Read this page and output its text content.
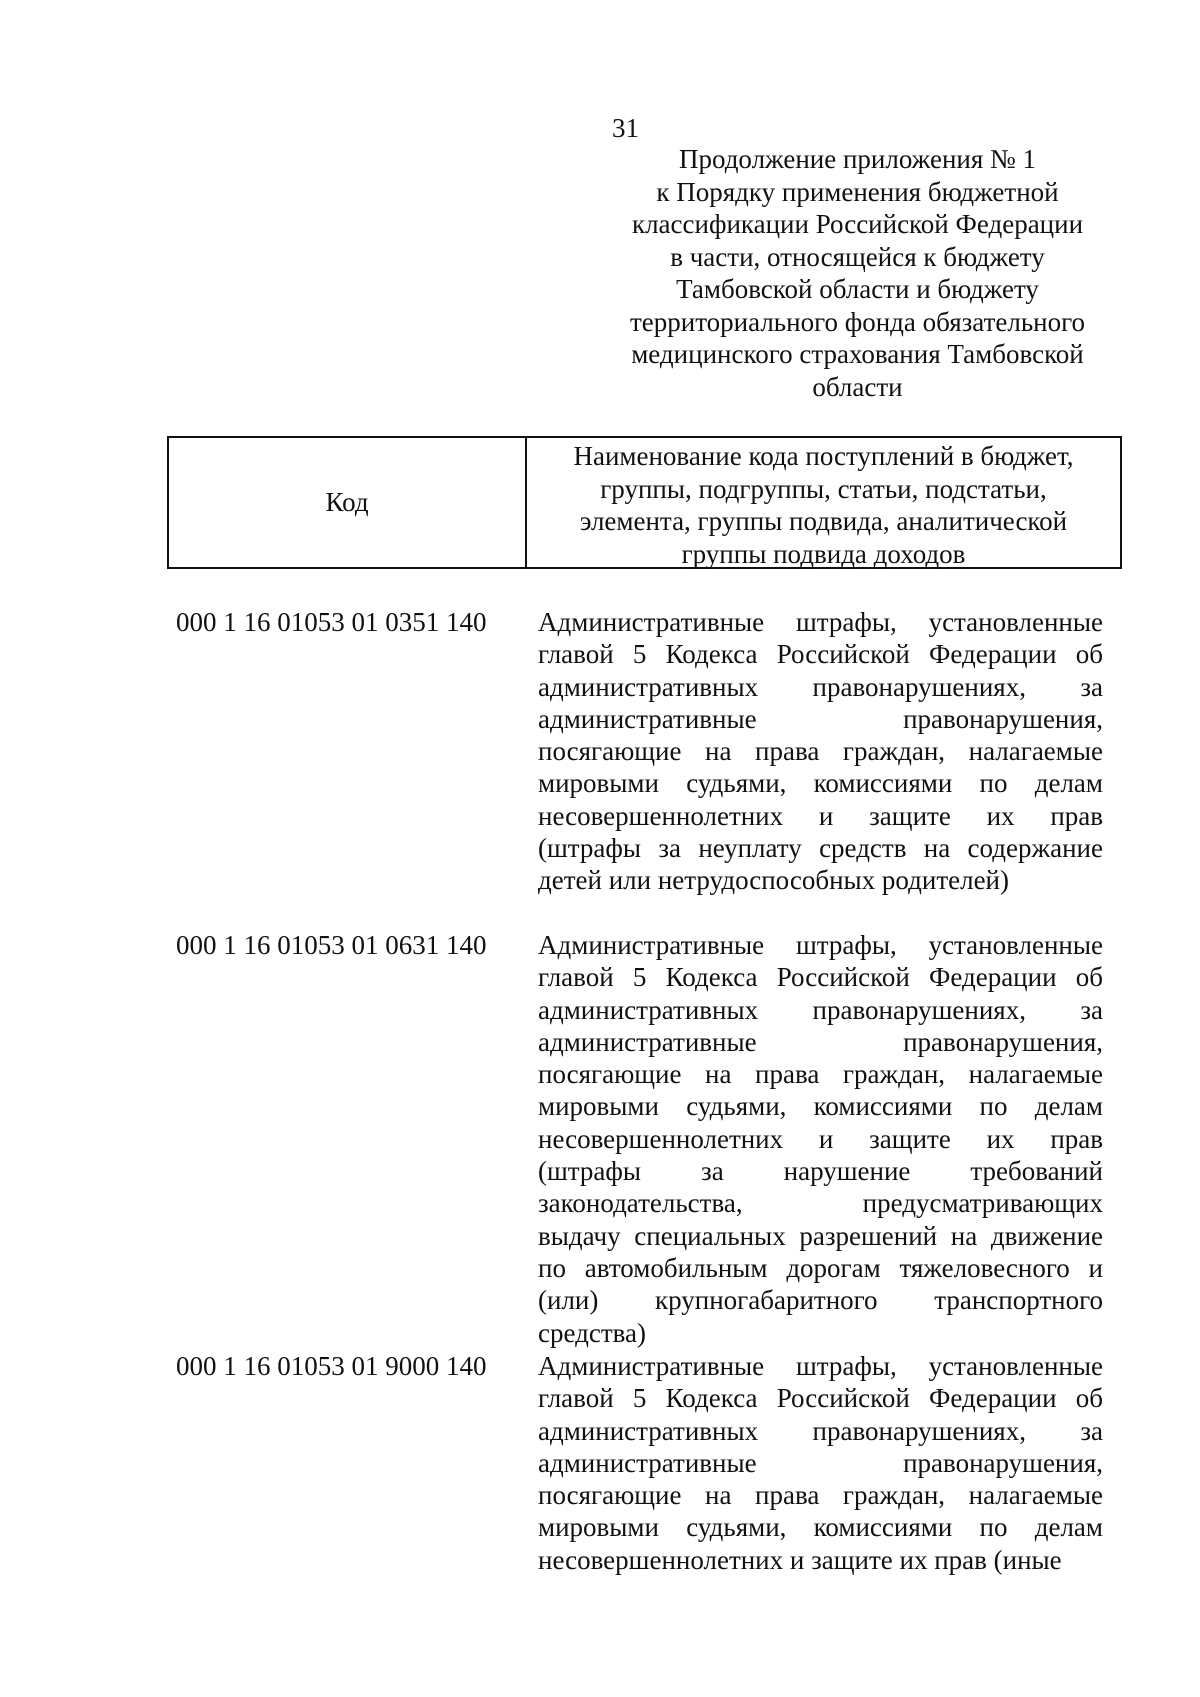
31
Продолжение приложения № 1
к Порядку применения бюджетной
классификации Российской Федерации
в части, относящейся к бюджету
Тамбовской области и бюджету
территориального фонда обязательного
медицинского страхования Тамбовской
области
Код
Наименование кода поступлений в бюджет,
группы, подгруппы, статьи, подстатьи,
элемента, группы подвида, аналитической
группы подвида доходов
000 1 16 01053 01 0351 140 Административные штрафы, установленные
главой 5 Кодекса Российской Федерации об
административных правонарушениях, за
административные правонарушения,
посягающие на права граждан, налагаемые
мировыми судьями, комиссиями по делам
несовершеннолетних и защите их прав
(штрафы за неуплату средств на содержание
детей или нетрудоспособных родителей)
000 1 16 01053 01 0631 140 Административные штрафы, установленные
главой 5 Кодекса Российской Федерации об
административных правонарушениях, за
административные правонарушения,
посягающие на права граждан, налагаемые
мировыми судьями, комиссиями по делам
несовершеннолетних и защите их прав
(штрафы за нарушение требований
законодательства, предусматривающих
выдачу специальных разрешений на движение
по автомобильным дорогам тяжеловесного и
(или) крупногабаритного транспортного
средства)
000 1 16 01053 01 9000 140 Административные штрафы, установленные
главой 5 Кодекса Российской Федерации об
административных правонарушениях, за
административные правонарушения,
посягающие на права граждан, налагаемые
мировыми судьями, комиссиями по делам
несовершеннолетних и защите их прав (иные
